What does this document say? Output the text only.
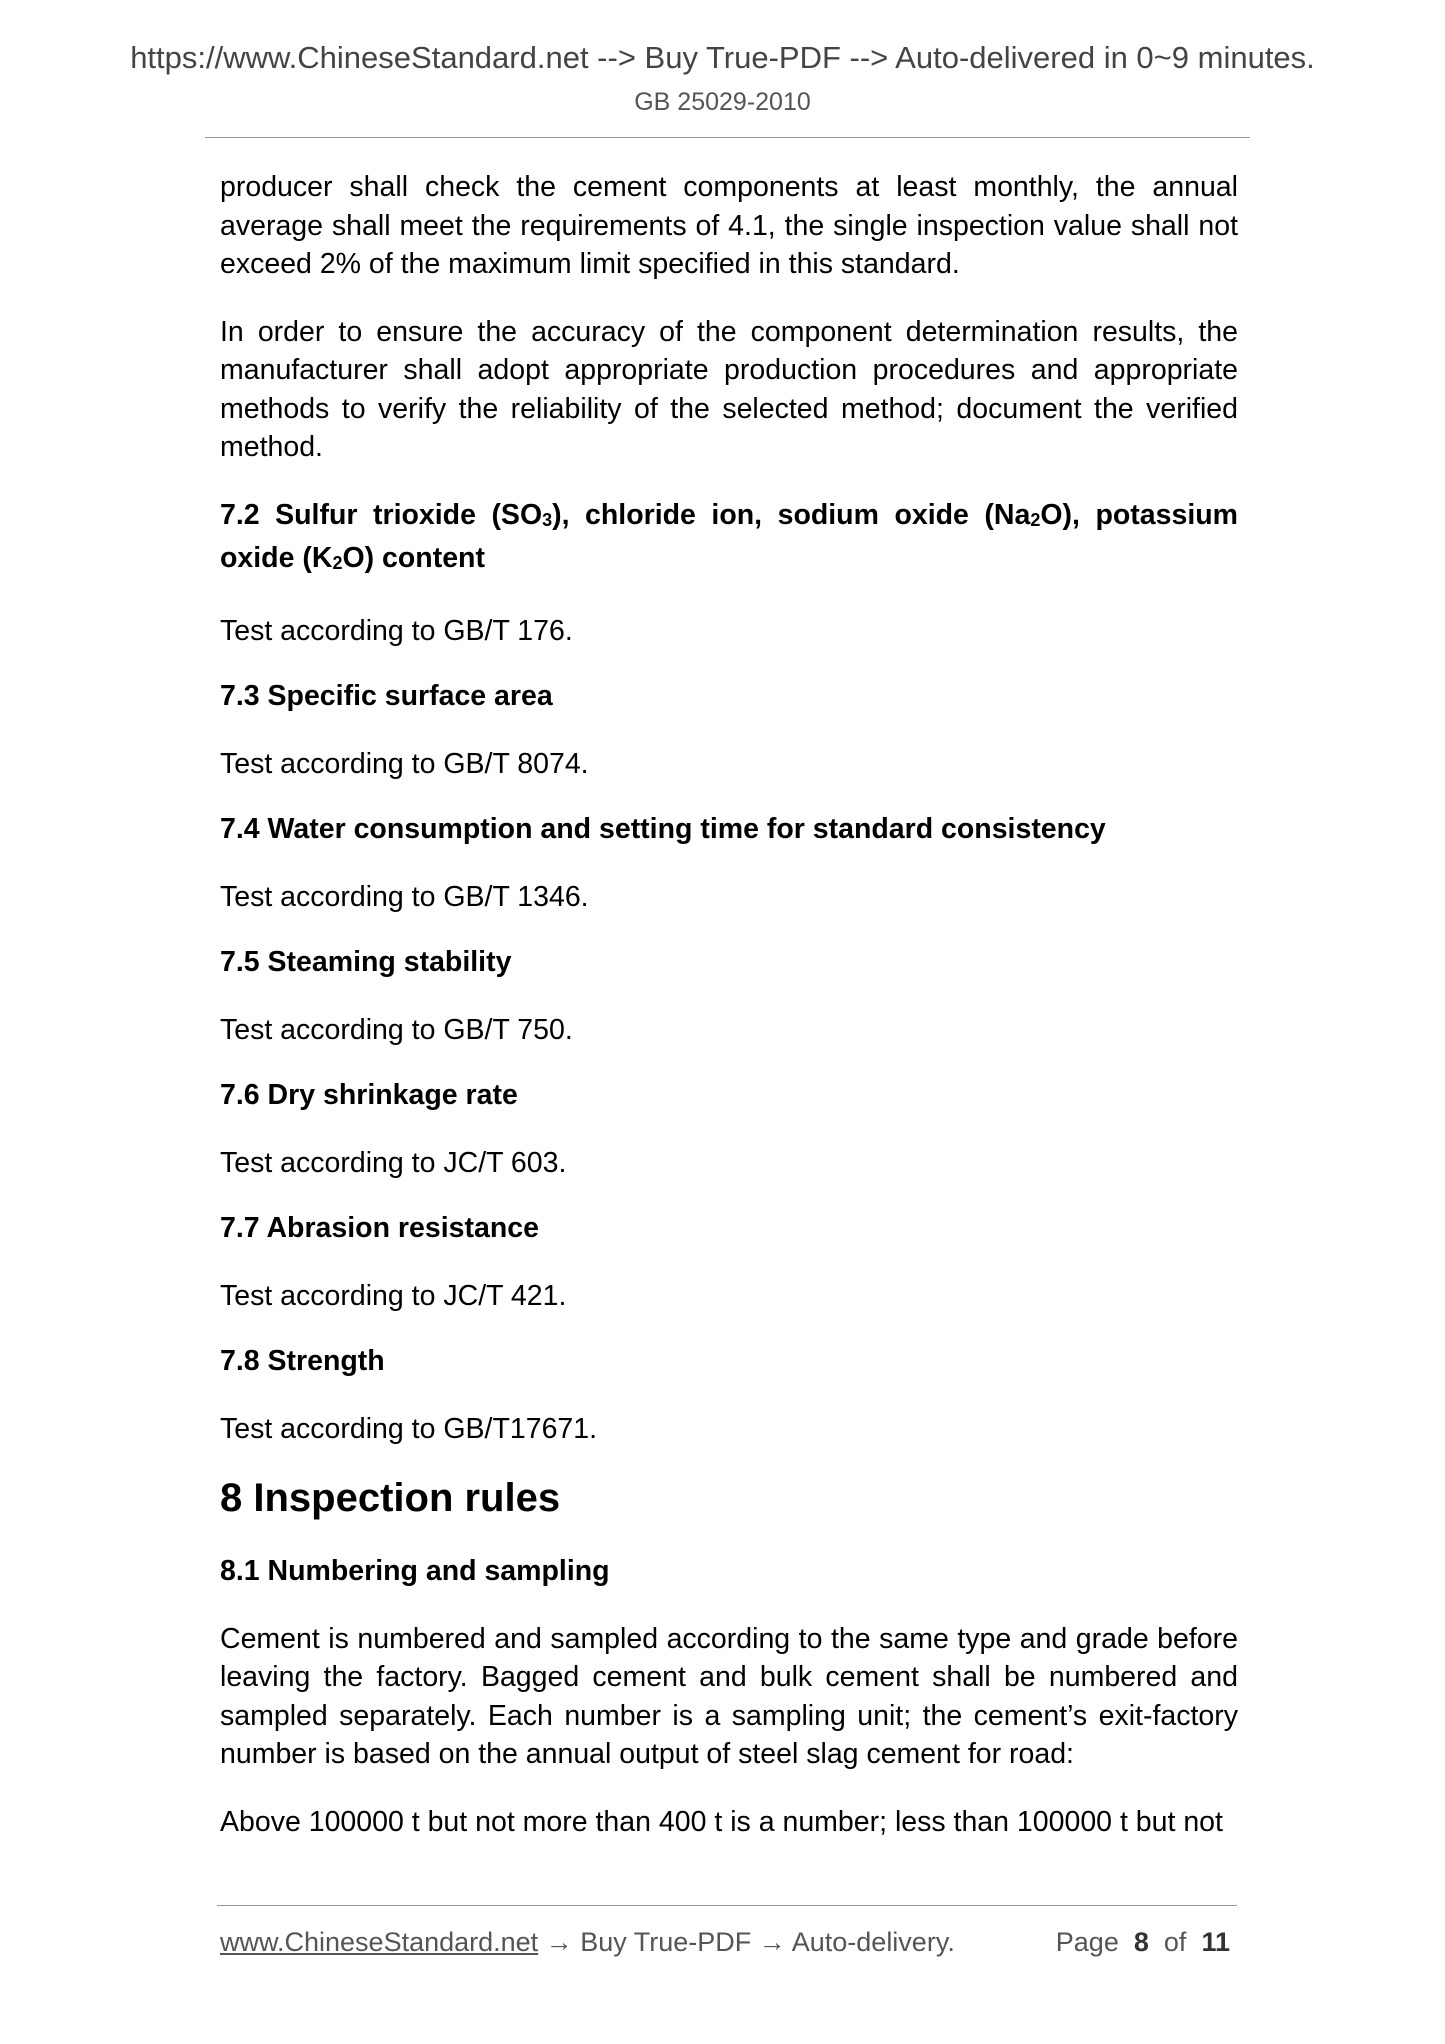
https://www.ChineseStandard.net --> Buy True-PDF --> Auto-delivered in 0~9 minutes.
GB 25029-2010

producer shall check the cement components at least monthly, the annual average shall meet the requirements of 4.1, the single inspection value shall not exceed 2% of the maximum limit specified in this standard.

In order to ensure the accuracy of the component determination results, the manufacturer shall adopt appropriate production procedures and appropriate methods to verify the reliability of the selected method; document the verified method.

7.2 Sulfur trioxide $(SO_3)$, chloride ion, sodium oxide $(Na_2O)$, potassium oxide $(K_2O)$ content

Test according to GB/T 176.

7.3 Specific surface area

Test according to GB/T 8074.

7.4 Water consumption and setting time for standard consistency

Test according to GB/T 1346.

7.5 Steaming stability

Test according to GB/T 750.

7.6 Dry shrinkage rate

Test according to JC/T 603.

7.7 Abrasion resistance

Test according to JC/T 421.

7.8 Strength

Test according to GB/T17671.

8 Inspection rules
8.1 Numbering and sampling

Cement is numbered and sampled according to the same type and grade before leaving the factory. Bagged cement and bulk cement shall be numbered and sampled separately. Each number is a sampling unit; the cement’s exit-factory number is based on the annual output of steel slag cement for road:

Above 100000 t but not more than 400 t is a number; less than 100000 t but not

www.ChineseStandard.net → Buy True-PDF → Auto-delivery.	Page 8 of 11
